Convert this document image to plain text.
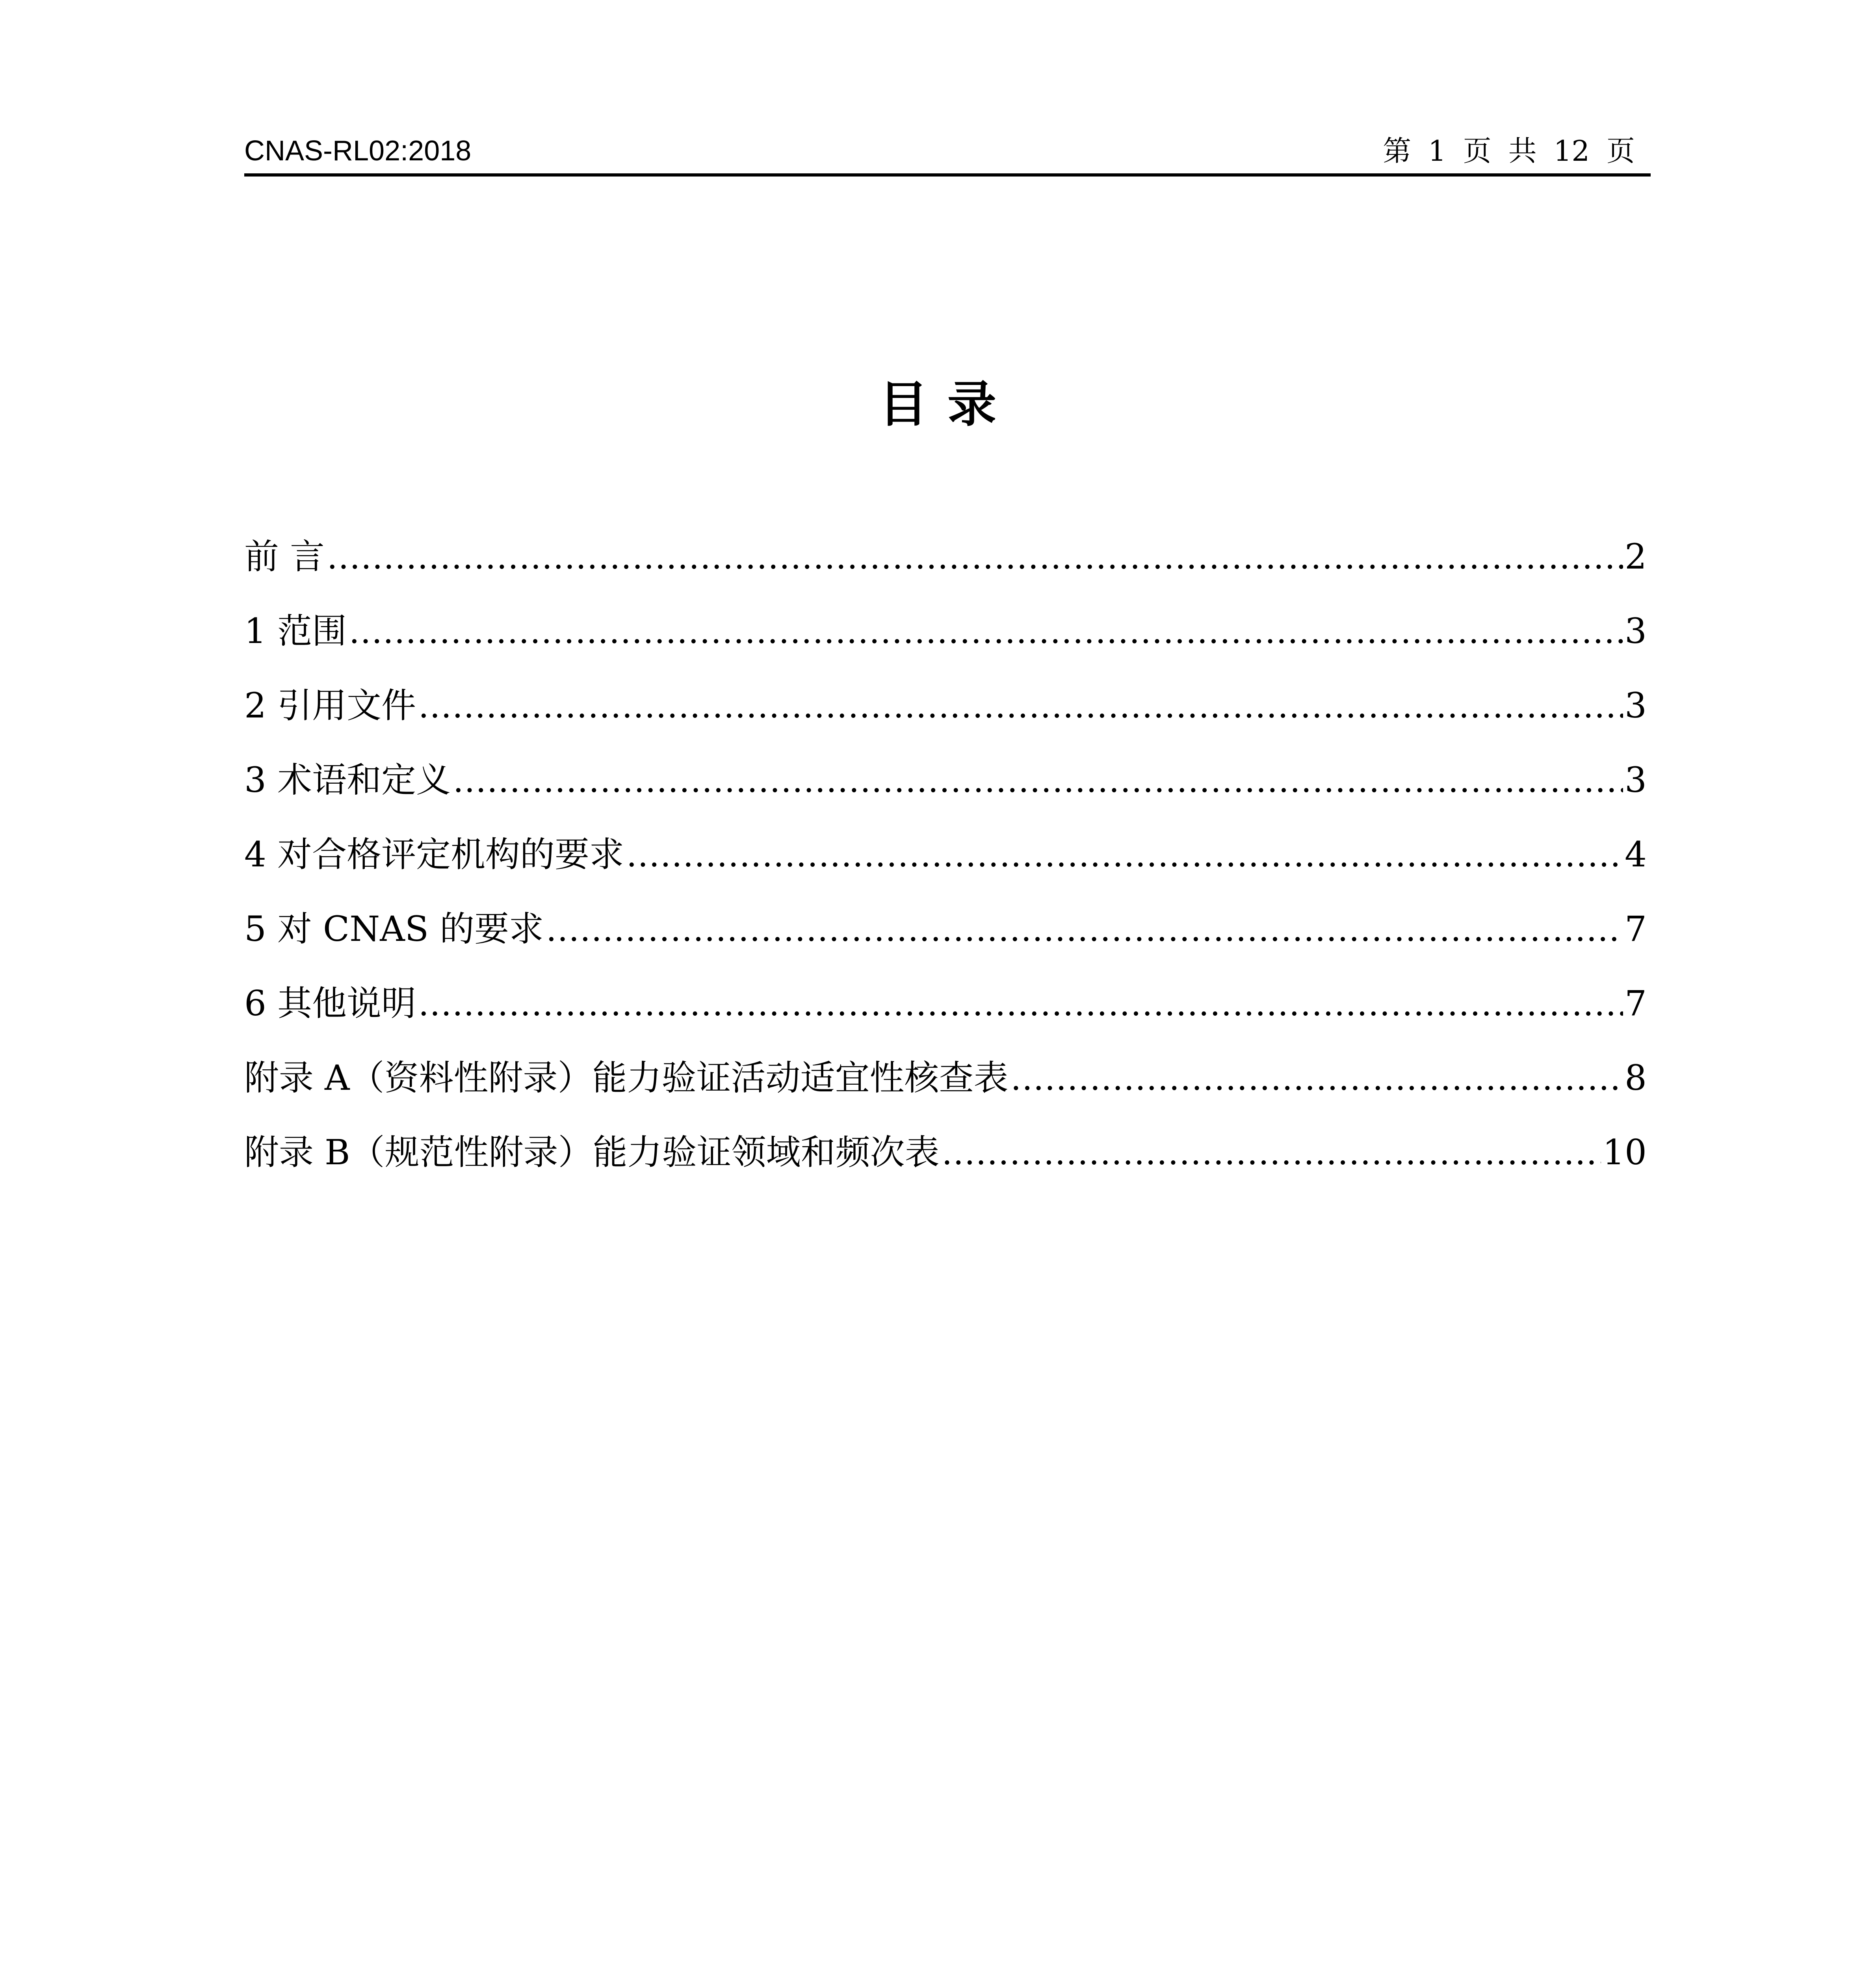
CNAS-RL02:2018	第 1 页 共 12 页
目录
前 言 .....	2
1 范围 .....	3
2 引用文件 .....	3
3 术语和定义 .....	3
4 对合格评定机构的要求 .....	4
5 对 CNAS 的要求 .....	7
6 其他说明 .....	7
附录 A（资料性附录）能力验证活动适宜性核查表 .....	8
附录 B（规范性附录）能力验证领域和频次表 .....	10
